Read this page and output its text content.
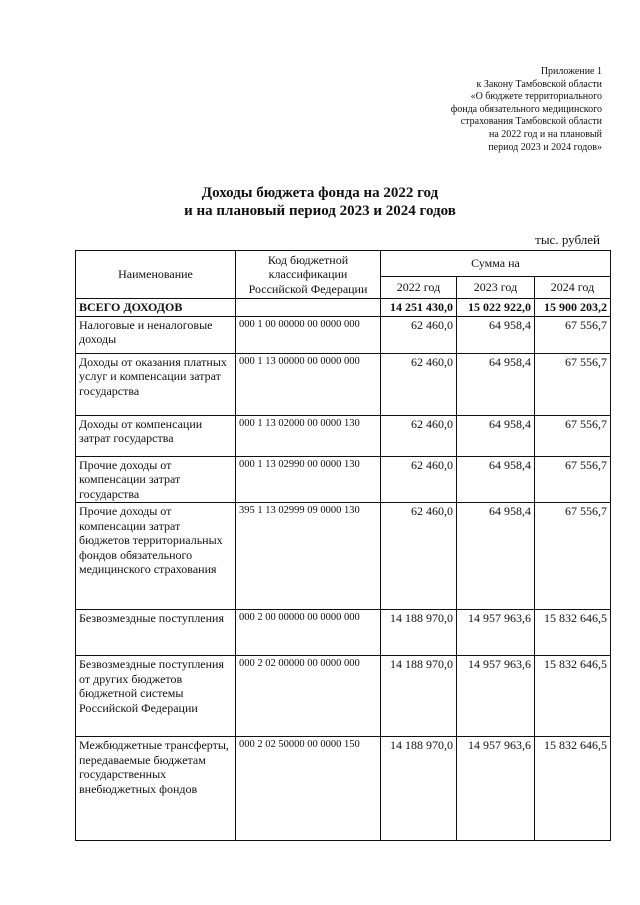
Приложение 1
к Закону Тамбовской области
«О бюджете территориального
фонда обязательного медицинского
страхования Тамбовской области
на 2022 год и на плановый
период 2023 и 2024 годов»
Доходы бюджета фонда на 2022 год
и на плановый период 2023 и 2024 годов
тыс. рублей
Наименование	Код бюджетной классификации Российской Федерации	Сумма на		
		2022 год	2023 год	2024 год
ВСЕГО ДОХОДОВ		14 251 430,0	15 022 922,0	15 900 203,2
Налоговые и неналоговые доходы	000 1 00 00000 00 0000 000	62 460,0	64 958,4	67 556,7
Доходы от оказания платных услуг и компенсации затрат государства	000 1 13 00000 00 0000 000	62 460,0	64 958,4	67 556,7
Доходы от компенсации затрат государства	000 1 13 02000 00 0000 130	62 460,0	64 958,4	67 556,7
Прочие доходы от компенсации затрат государства	000 1 13 02990 00 0000 130	62 460,0	64 958,4	67 556,7
Прочие доходы от компенсации затрат бюджетов территориальных фондов обязательного медицинского страхования	395 1 13 02999 09 0000 130	62 460,0	64 958,4	67 556,7
Безвозмездные поступления	000 2 00 00000 00 0000 000	14 188 970,0	14 957 963,6	15 832 646,5
Безвозмездные поступления от других бюджетов бюджетной системы Российской Федерации	000 2 02 00000 00 0000 000	14 188 970,0	14 957 963,6	15 832 646,5
Межбюджетные трансферты, передаваемые бюджетам государственных внебюджетных фондов	000 2 02 50000 00 0000 150	14 188 970,0	14 957 963,6	15 832 646,5
